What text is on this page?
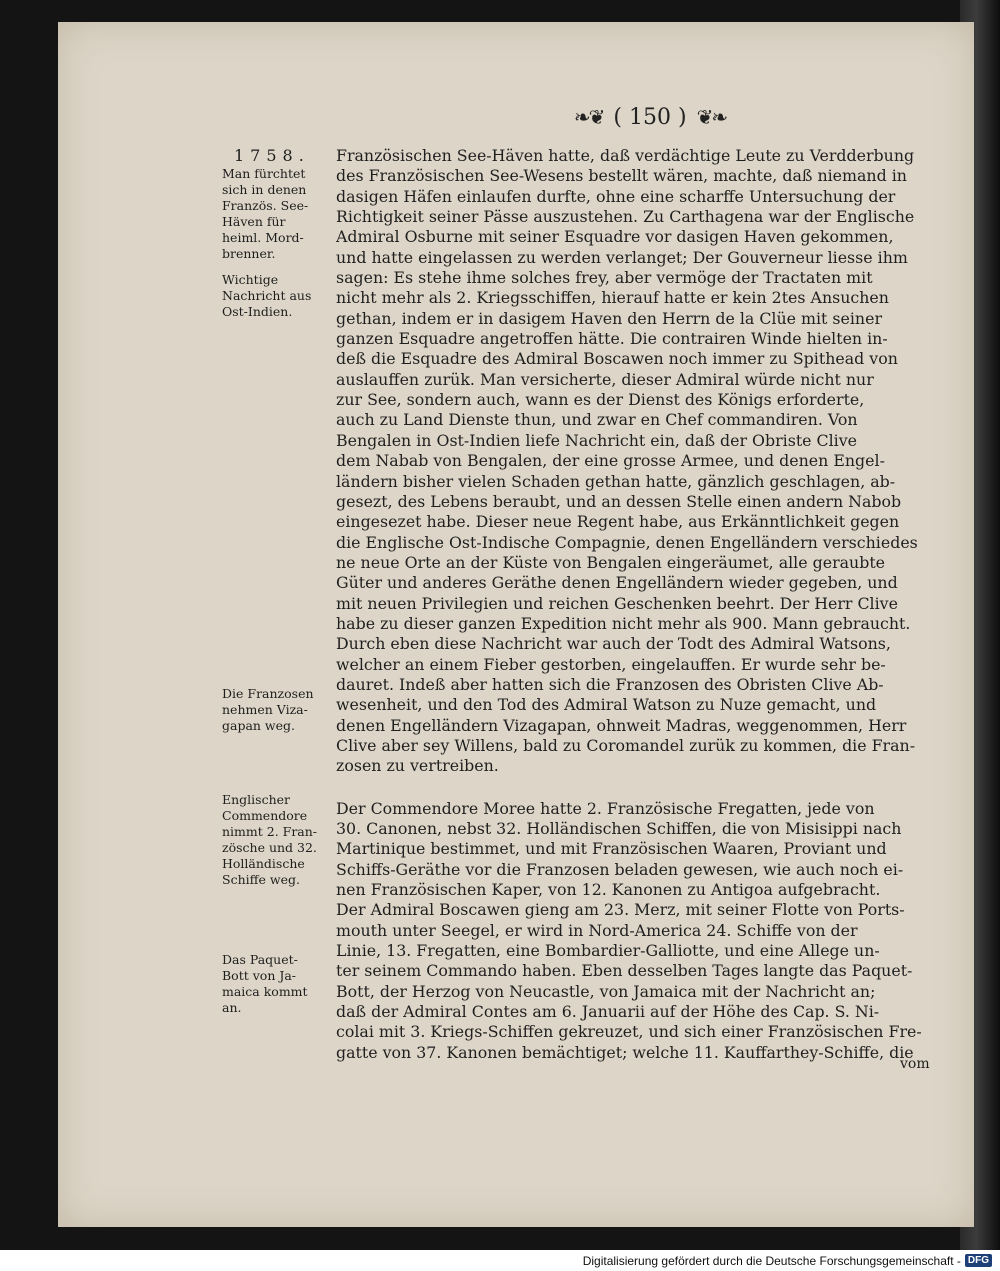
❧❦ ( 150 ) ❦❧
1758.
Man fürchtet
sich in denen
Französ. See-
Häven für
heiml. Mord-
brenner.
Wichtige
Nachricht aus
Ost-Indien.
Die Franzosen
nehmen Viza-
gapan weg.
Englischer
Commendore
nimmt 2. Fran-
zösche und 32.
Holländische
Schiffe weg.
Das Paquet-
Bott von Ja-
maica kommt
an.
Französischen See-Häven hatte, daß verdächtige Leute zu Verdderbung
des Französischen See-Wesens bestellt wären, machte, daß niemand in
dasigen Häfen einlaufen durfte, ohne eine scharffe Untersuchung der
Richtigkeit seiner Pässe auszustehen. Zu Carthagena war der Englische
Admiral Osburne mit seiner Esquadre vor dasigen Haven gekommen,
und hatte eingelassen zu werden verlanget; Der Gouverneur liesse ihm
sagen: Es stehe ihme solches frey, aber vermöge der Tractaten mit
nicht mehr als 2. Kriegsschiffen, hierauf hatte er kein 2tes Ansuchen
gethan, indem er in dasigem Haven den Herrn de la Clüe mit seiner
ganzen Esquadre angetroffen hätte. Die contrairen Winde hielten in-
deß die Esquadre des Admiral Boscawen noch immer zu Spithead von
auslauffen zurük. Man versicherte, dieser Admiral würde nicht nur
zur See, sondern auch, wann es der Dienst des Königs erforderte,
auch zu Land Dienste thun, und zwar en Chef commandiren. Von
Bengalen in Ost-Indien liefe Nachricht ein, daß der Obriste Clive
dem Nabab von Bengalen, der eine grosse Armee, und denen Engel-
ländern bisher vielen Schaden gethan hatte, gänzlich geschlagen, ab-
gesezt, des Lebens beraubt, und an dessen Stelle einen andern Nabob
eingesezet habe. Dieser neue Regent habe, aus Erkänntlichkeit gegen
die Englische Ost-Indische Compagnie, denen Engelländern verschiedes
ne neue Orte an der Küste von Bengalen eingeräumet, alle geraubte
Güter und anderes Geräthe denen Engelländern wieder gegeben, und
mit neuen Privilegien und reichen Geschenken beehrt. Der Herr Clive
habe zu dieser ganzen Expedition nicht mehr als 900. Mann gebraucht.
Durch eben diese Nachricht war auch der Todt des Admiral Watsons,
welcher an einem Fieber gestorben, eingelauffen. Er wurde sehr be-
dauret. Indeß aber hatten sich die Franzosen des Obristen Clive Ab-
wesenheit, und den Tod des Admiral Watson zu Nuze gemacht, und
denen Engelländern Vizagapan, ohnweit Madras, weggenommen, Herr
Clive aber sey Willens, bald zu Coromandel zurük zu kommen, die Fran-
zosen zu vertreiben.
Der Commendore Moree hatte 2. Französische Fregatten, jede von
30. Canonen, nebst 32. Holländischen Schiffen, die von Misisippi nach
Martinique bestimmet, und mit Französischen Waaren, Proviant und
Schiffs-Geräthe vor die Franzosen beladen gewesen, wie auch noch ei-
nen Französischen Kaper, von 12. Kanonen zu Antigoa aufgebracht.
Der Admiral Boscawen gieng am 23. Merz, mit seiner Flotte von Ports-
mouth unter Seegel, er wird in Nord-America 24. Schiffe von der
Linie, 13. Fregatten, eine Bombardier-Galliotte, und eine Allege un-
ter seinem Commando haben. Eben desselben Tages langte das Paquet-
Bott, der Herzog von Neucastle, von Jamaica mit der Nachricht an;
daß der Admiral Contes am 6. Januarii auf der Höhe des Cap. S. Ni-
colai mit 3. Kriegs-Schiffen gekreuzet, und sich einer Französischen Fre-
gatte von 37. Kanonen bemächtiget; welche 11. Kauffarthey-Schiffe, die
vom
Digitalisierung gefördert durch die Deutsche Forschungsgemeinschaft - DFG
